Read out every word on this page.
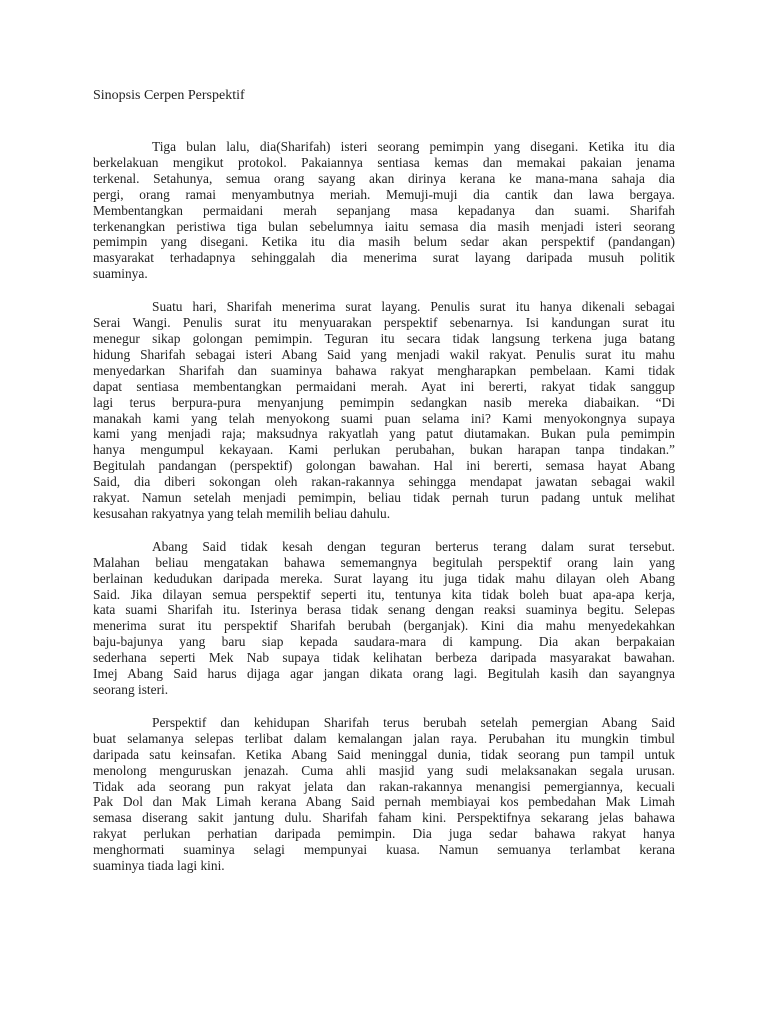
Sinopsis Cerpen Perspektif

Tiga bulan lalu, dia(Sharifah) isteri seorang pemimpin yang disegani. Ketika itu dia
berkelakuan mengikut protokol. Pakaiannya sentiasa kemas dan memakai pakaian jenama
terkenal. Setahunya, semua orang sayang akan dirinya kerana ke mana-mana sahaja dia
pergi, orang ramai menyambutnya meriah. Memuji-muji dia cantik dan lawa bergaya.
Membentangkan permaidani merah sepanjang masa kepadanya dan suami. Sharifah
terkenangkan peristiwa tiga bulan sebelumnya iaitu semasa dia masih menjadi isteri seorang
pemimpin yang disegani. Ketika itu dia masih belum sedar akan perspektif (pandangan)
masyarakat terhadapnya sehinggalah dia menerima surat layang daripada musuh politik
suaminya.

Suatu hari, Sharifah menerima surat layang. Penulis surat itu hanya dikenali sebagai
Serai Wangi. Penulis surat itu menyuarakan perspektif sebenarnya. Isi kandungan surat itu
menegur sikap golongan pemimpin. Teguran itu secara tidak langsung terkena juga batang
hidung Sharifah sebagai isteri Abang Said yang menjadi wakil rakyat. Penulis surat itu mahu
menyedarkan Sharifah dan suaminya bahawa rakyat mengharapkan pembelaan. Kami tidak
dapat sentiasa membentangkan permaidani merah. Ayat ini bererti, rakyat tidak sanggup
lagi terus berpura-pura menyanjung pemimpin sedangkan nasib mereka diabaikan. “Di
manakah kami yang telah menyokong suami puan selama ini? Kami menyokongnya supaya
kami yang menjadi raja; maksudnya rakyatlah yang patut diutamakan. Bukan pula pemimpin
hanya mengumpul kekayaan. Kami perlukan perubahan, bukan harapan tanpa tindakan.”
Begitulah pandangan (perspektif) golongan bawahan. Hal ini bererti, semasa hayat Abang
Said, dia diberi sokongan oleh rakan-rakannya sehingga mendapat jawatan sebagai wakil
rakyat. Namun setelah menjadi pemimpin, beliau tidak pernah turun padang untuk melihat
kesusahan rakyatnya yang telah memilih beliau dahulu.

Abang Said tidak kesah dengan teguran berterus terang dalam surat tersebut.
Malahan beliau mengatakan bahawa sememangnya begitulah perspektif orang lain yang
berlainan kedudukan daripada mereka. Surat layang itu juga tidak mahu dilayan oleh Abang
Said. Jika dilayan semua perspektif seperti itu, tentunya kita tidak boleh buat apa-apa kerja,
kata suami Sharifah itu. Isterinya berasa tidak senang dengan reaksi suaminya begitu. Selepas
menerima surat itu perspektif Sharifah berubah (berganjak). Kini dia mahu menyedekahkan
baju-bajunya yang baru siap kepada saudara-mara di kampung. Dia akan berpakaian
sederhana seperti Mek Nab supaya tidak kelihatan berbeza daripada masyarakat bawahan.
Imej Abang Said harus dijaga agar jangan dikata orang lagi. Begitulah kasih dan sayangnya
seorang isteri.

Perspektif dan kehidupan Sharifah terus berubah setelah pemergian Abang Said
buat selamanya selepas terlibat dalam kemalangan jalan raya. Perubahan itu mungkin timbul
daripada satu keinsafan. Ketika Abang Said meninggal dunia, tidak seorang pun tampil untuk
menolong menguruskan jenazah. Cuma ahli masjid yang sudi melaksanakan segala urusan.
Tidak ada seorang pun rakyat jelata dan rakan-rakannya menangisi pemergiannya, kecuali
Pak Dol dan Mak Limah kerana Abang Said pernah membiayai kos pembedahan Mak Limah
semasa diserang sakit jantung dulu. Sharifah faham kini. Perspektifnya sekarang jelas bahawa
rakyat perlukan perhatian daripada pemimpin. Dia juga sedar bahawa rakyat hanya
menghormati suaminya selagi mempunyai kuasa. Namun semuanya terlambat kerana
suaminya tiada lagi kini.
